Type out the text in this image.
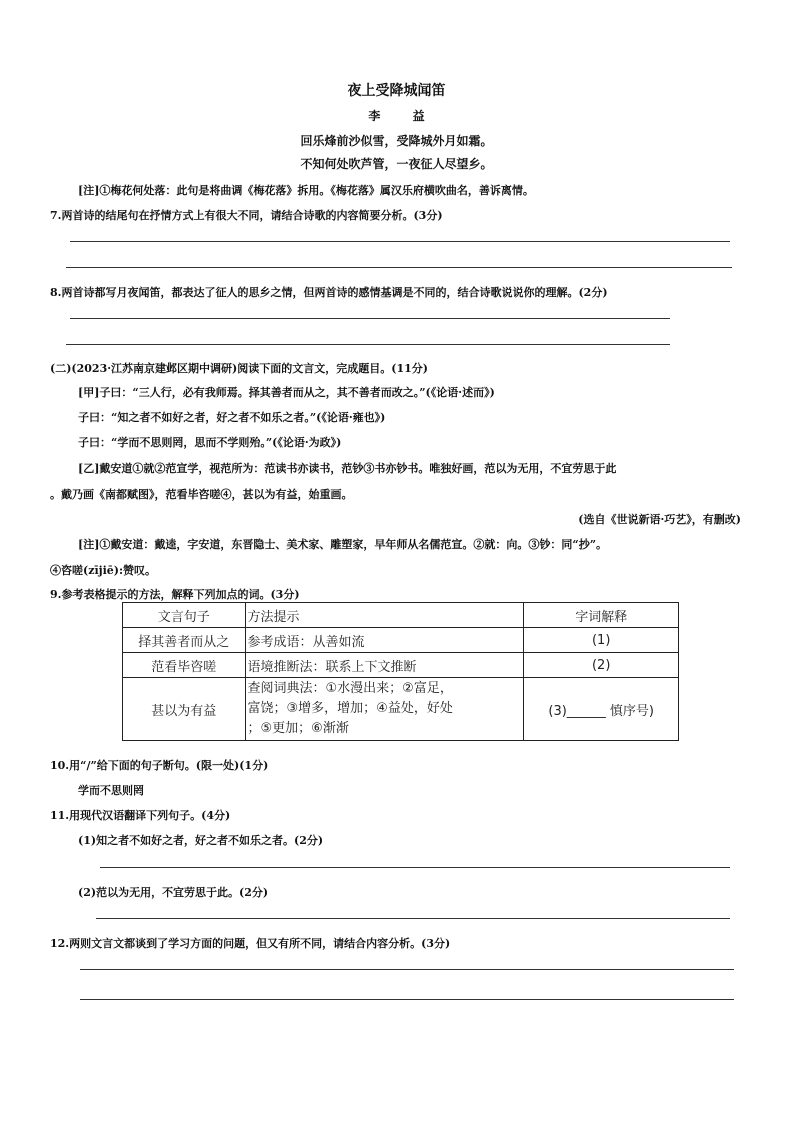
夜上受降城闻笛
李 益
回乐烽前沙似雪，受降城外月如霜。
不知何处吹芦管，一夜征人尽望乡。
[注]①梅花何处落：此句是将曲调《梅花落》拆用。《梅花落》属汉乐府横吹曲名，善诉离情。
7.两首诗的结尾句在抒情方式上有很大不同，请结合诗歌的内容简要分析。(3分)
8.两首诗都写月夜闻笛，都表达了征人的思乡之情，但两首诗的感情基调是不同的，结合诗歌说说你的理解。(2分)
(二)(2023·江苏南京建邺区期中调研)阅读下面的文言文，完成题目。(11分)
[甲]子曰：“三人行，必有我师焉。择其善者而从之，其不善者而改之。”(《论语·述而》)
子曰：“知之者不如好之者，好之者不如乐之者。”(《论语·雍也》)
子曰：“学而不思则罔，思而不学则殆。”(《论语·为政》)
[乙]戴安道①就②范宣学，视范所为：范读书亦读书，范钞③书亦钞书。唯独好画，范以为无用，不宜劳思于此
。戴乃画《南都赋图》，范看毕咨嗟④，甚以为有益，始重画。
(选自《世说新语·巧艺》，有删改)
[注]①戴安道：戴逵，字安道，东晋隐士、美术家、雕塑家，早年师从名儒范宣。②就：向。③钞：同“抄”。
④咨嗟(zījiē):赞叹。
9.参考表格提示的方法，解释下列加点的词。(3分)
文言句子	方法提示	字词解释
择其善者而从之	参考成语：从善如流	(1)
范看毕咨嗟	语境推断法：联系上下文推断	(2)
甚以为有益	查阅词典法：①水漫出来；②富足，
富饶；③增多，增加；④益处，好处
；⑤更加；⑥渐渐	(3)______ 慎序号)
10.用“/”给下面的句子断句。(限一处)(1分)
学而不思则罔
11.用现代汉语翻译下列句子。(4分)
(1)知之者不如好之者，好之者不如乐之者。(2分)
(2)范以为无用，不宜劳思于此。(2分)
12.两则文言文都谈到了学习方面的问题，但又有所不同，请结合内容分析。(3分)
